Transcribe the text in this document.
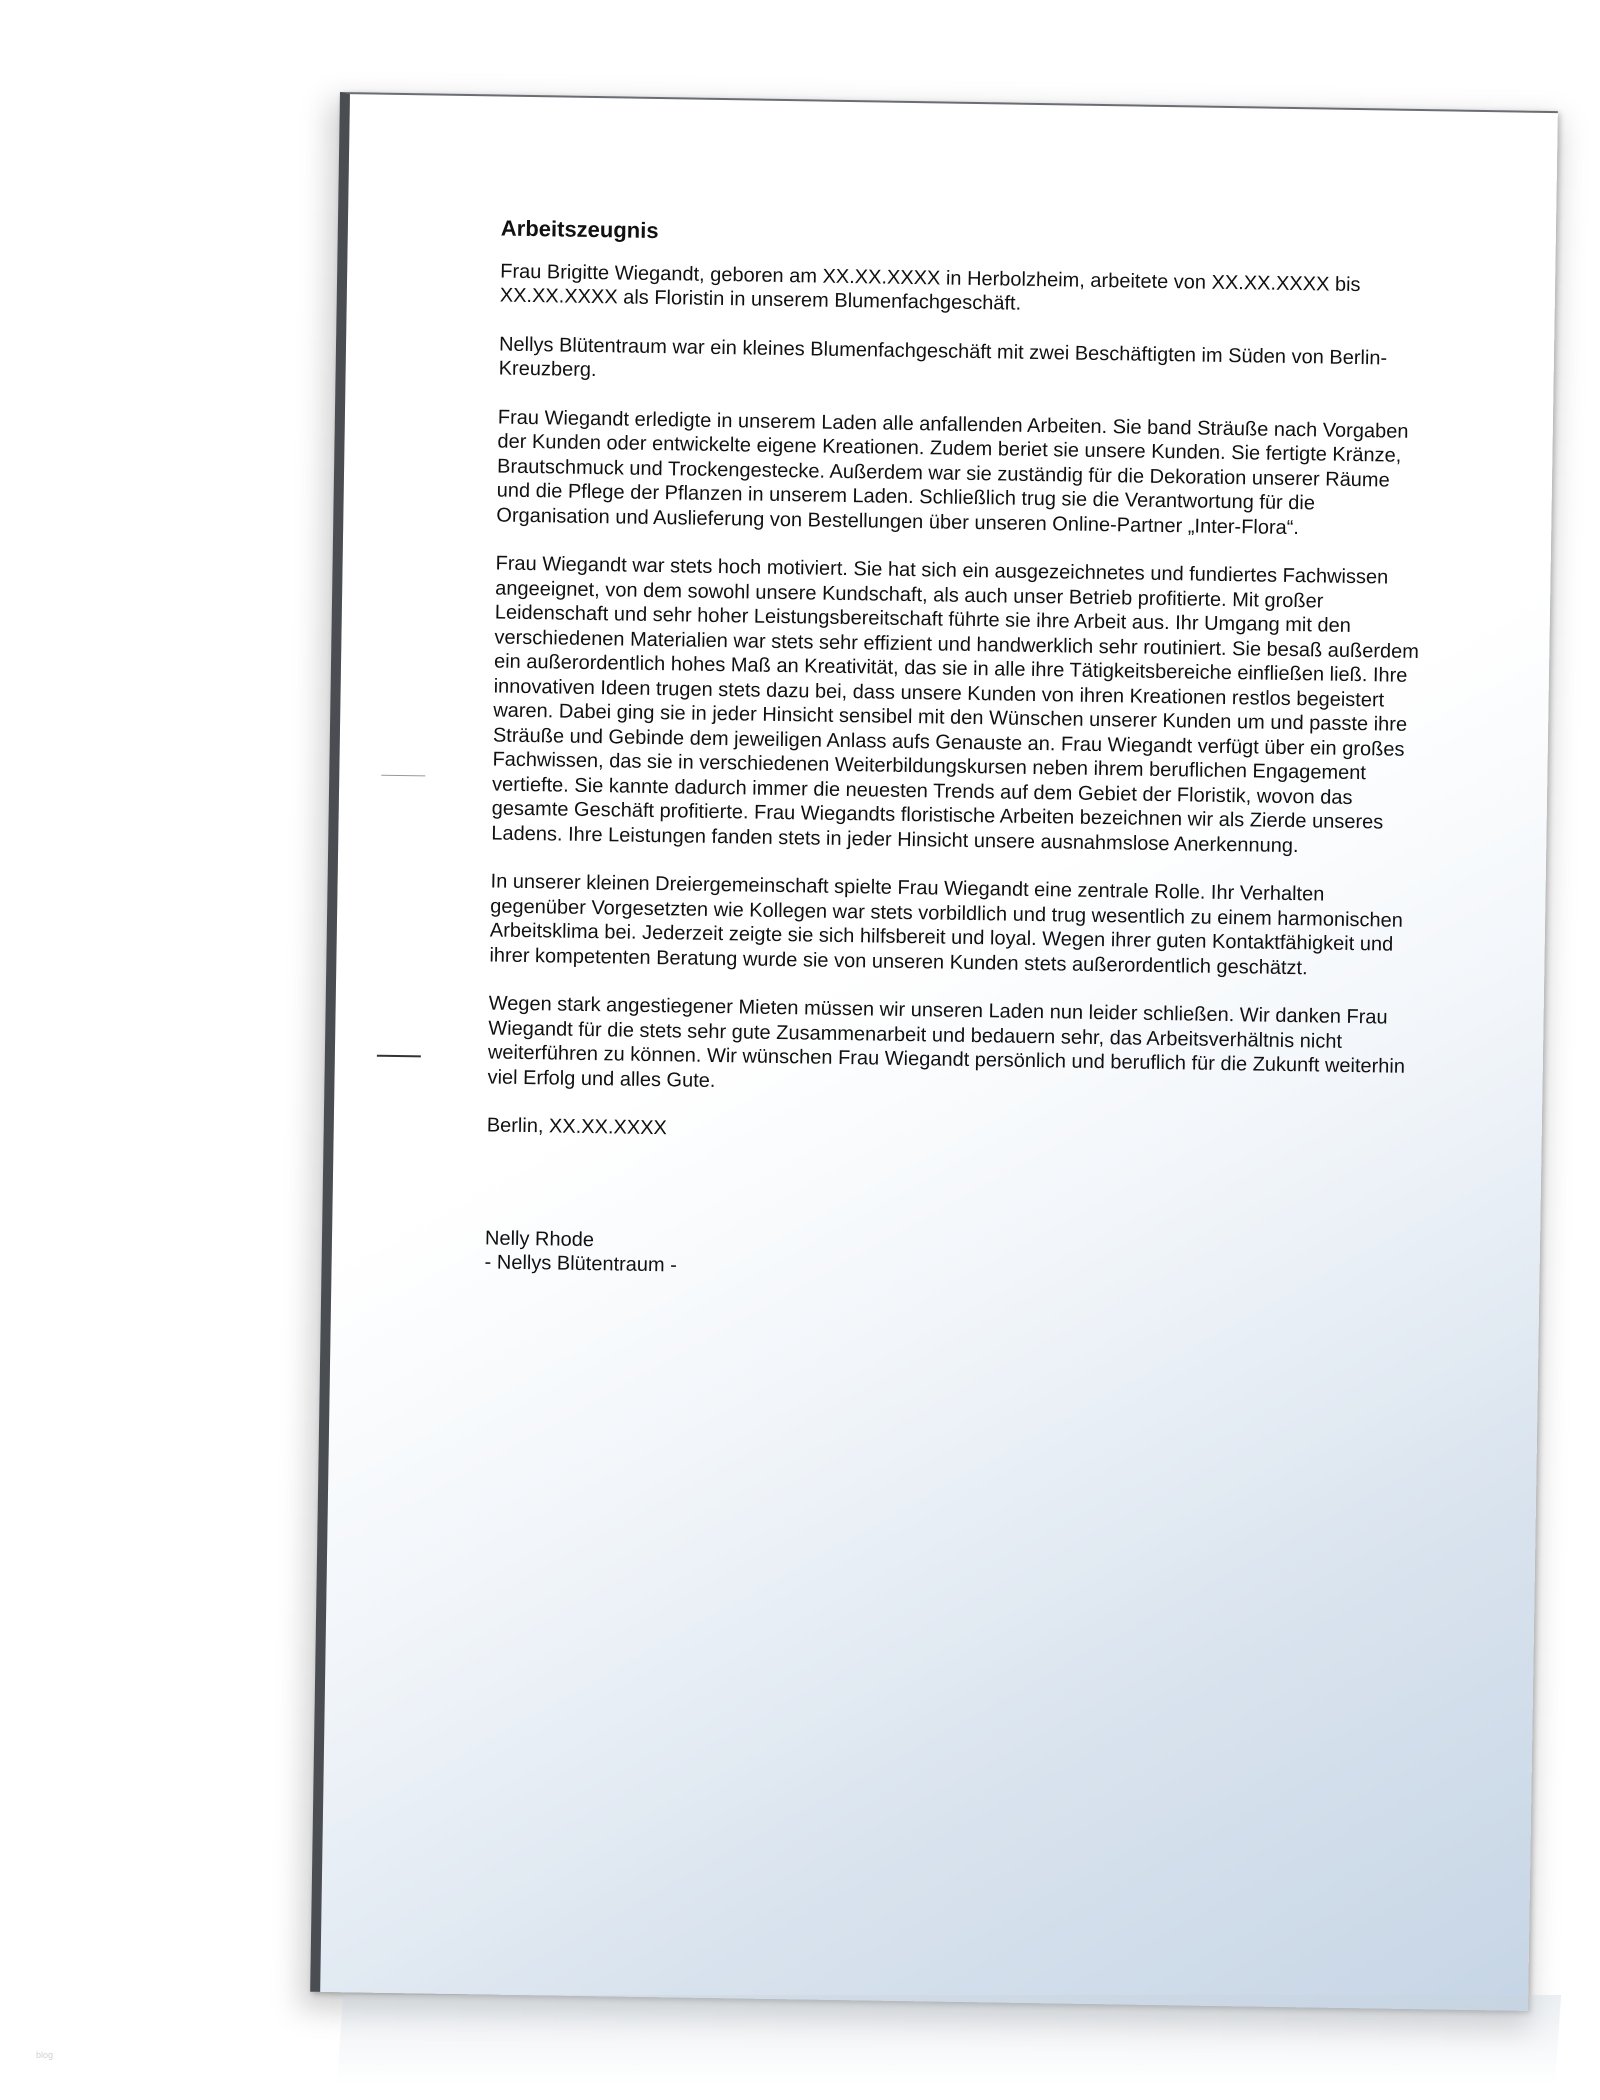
Arbeitszeugnis

Frau Brigitte Wiegandt, geboren am XX.XX.XXXX in Herbolzheim, arbeitete von XX.XX.XXXX bis XX.XX.XXXX als Floristin in unserem Blumenfachgeschäft.

Nellys Blütentraum war ein kleines Blumenfachgeschäft mit zwei Beschäftigten im Süden von Berlin-Kreuzberg.

Frau Wiegandt erledigte in unserem Laden alle anfallenden Arbeiten. Sie band Sträuße nach Vorgaben der Kunden oder entwickelte eigene Kreationen. Zudem beriet sie unsere Kunden. Sie fertigte Kränze, Brautschmuck und Trockengestecke. Außerdem war sie zuständig für die Dekoration unserer Räume und die Pflege der Pflanzen in unserem Laden. Schließlich trug sie die Verantwortung für die Organisation und Auslieferung von Bestellungen über unseren Online-Partner „Inter-Flora“.

Frau Wiegandt war stets hoch motiviert. Sie hat sich ein ausgezeichnetes und fundiertes Fachwissen angeeignet, von dem sowohl unsere Kundschaft, als auch unser Betrieb profitierte. Mit großer Leidenschaft und sehr hoher Leistungsbereitschaft führte sie ihre Arbeit aus. Ihr Umgang mit den verschiedenen Materialien war stets sehr effizient und handwerklich sehr routiniert. Sie besaß außerdem ein außerordentlich hohes Maß an Kreativität, das sie in alle ihre Tätigkeitsbereiche einfließen ließ. Ihre innovativen Ideen trugen stets dazu bei, dass unsere Kunden von ihren Kreationen restlos begeistert waren. Dabei ging sie in jeder Hinsicht sensibel mit den Wünschen unserer Kunden um und passte ihre Sträuße und Gebinde dem jeweiligen Anlass aufs Genauste an. Frau Wiegandt verfügt über ein großes Fachwissen, das sie in verschiedenen Weiterbildungskursen neben ihrem beruflichen Engagement vertiefte. Sie kannte dadurch immer die neuesten Trends auf dem Gebiet der Floristik, wovon das gesamte Geschäft profitierte. Frau Wiegandts floristische Arbeiten bezeichnen wir als Zierde unseres Ladens. Ihre Leistungen fanden stets in jeder Hinsicht unsere ausnahmslose Anerkennung.

In unserer kleinen Dreiergemeinschaft spielte Frau Wiegandt eine zentrale Rolle. Ihr Verhalten gegenüber Vorgesetzten wie Kollegen war stets vorbildlich und trug wesentlich zu einem harmonischen Arbeitsklima bei. Jederzeit zeigte sie sich hilfsbereit und loyal. Wegen ihrer guten Kontaktfähigkeit und ihrer kompetenten Beratung wurde sie von unseren Kunden stets außerordentlich geschätzt.

Wegen stark angestiegener Mieten müssen wir unseren Laden nun leider schließen. Wir danken Frau Wiegandt für die stets sehr gute Zusammenarbeit und bedauern sehr, das Arbeitsverhältnis nicht weiterführen zu können. Wir wünschen Frau Wiegandt persönlich und beruflich für die Zukunft weiterhin viel Erfolg und alles Gute.

Berlin, XX.XX.XXXX

Nelly Rhode

- Nellys Blütentraum -

blog
